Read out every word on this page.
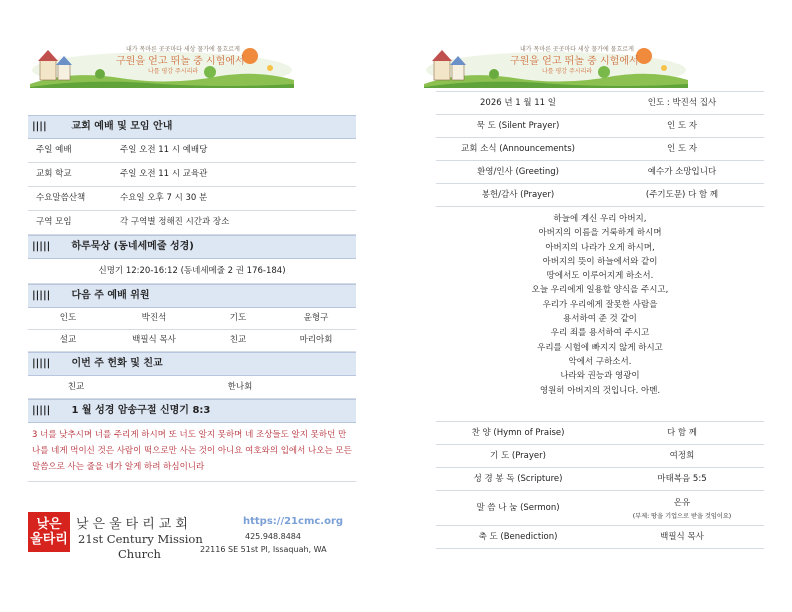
내가 목마른 곳곳마다 세상 물가에 물흐르게
구원을 얻고 뛰놀 중 시험에서
나를 평강 주시리라
내가 목마른 곳곳마다 세상 물가에 물흐르게
구원을 얻고 뛰놀 중 시험에서
나를 평강 주시리라
|||| 교회 예배 및 모임 안내
주일 예배	주일 오전 11 시 예배당
교회 학교	주일 오전 11 시 교육관
수요말씀산책	수요일 오후 7 시 30 분
구역 모임	각 구역별 정해진 시간과 장소
||||| 하루묵상 (동네세메줄 성경)
신명기 12:20-16:12 (동네세메줄 2 권 176-184)
||||| 다음 주 예배 위원
인도	박진석	기도	윤형구
설교	백필식 목사	친교	마리아회
||||| 이번 주 헌화 및 친교
친교	한나회
||||| 1 월 성경 암송구절 신명기 8:3
3 너를 낮추시며 너를 주리게 하시며 또 너도 알지 못하며 네 조상들도 알지 못하던 만나를 네게 먹이신 것은 사람이 떡으로만 사는 것이 아니요 여호와의 입에서 나오는 모든 말씀으로 사는 줄을 네가 알게 하려 하심이니라
낮은
울타리
낮은울타리교회
21st Century Mission
Church
https://21cmc.org
425.948.8484
22116 SE 51st Pl, Issaquah, WA
2026 년 1 월 11 일	인도 : 박진석 집사
묵 도 (Silent Prayer)	인 도 자
교회 소식 (Announcements)	인 도 자
환영/인사 (Greeting)	예수가 소망입니다
봉헌/감사 (Prayer)	(주기도문) 다 함 께
하늘에 계신 우리 아버지,
아버지의 이름을 거룩하게 하시며
아버지의 나라가 오게 하시며,
아버지의 뜻이 하늘에서와 같이
땅에서도 이루어지게 하소서.
오늘 우리에게 일용할 양식을 주시고,
우리가 우리에게 잘못한 사람을
용서하여 준 것 같이
우리 죄를 용서하여 주시고
우리를 시험에 빠지지 않게 하시고
악에서 구하소서.
나라와 권능과 영광이
영원히 아버지의 것입니다. 아멘.
찬 양 (Hymn of Praise)	다 함 께
기 도 (Prayer)	여정희
성 경 봉 독 (Scripture)	마태복음 5:5
말 씀 나 눔 (Sermon)	온유
(부제: 땅을 기업으로 받을 것임이요)
축 도 (Benediction)	백필식 목사
